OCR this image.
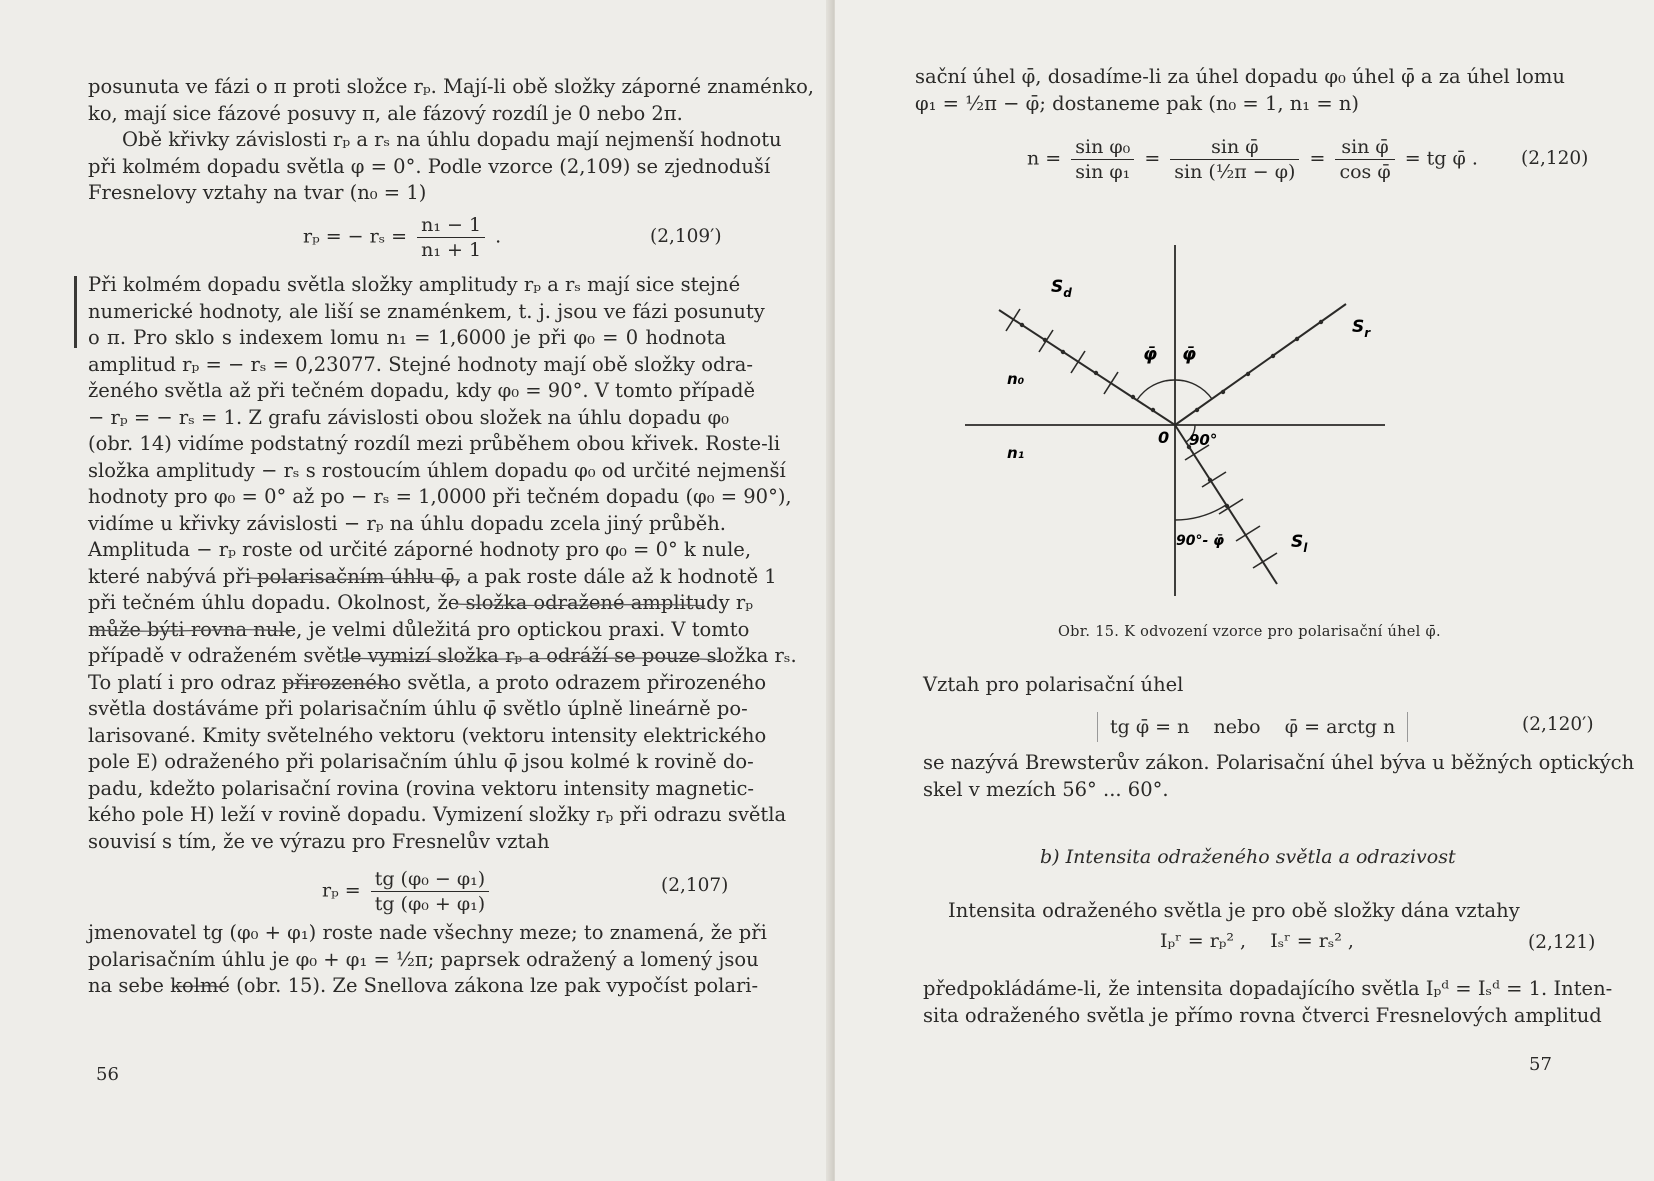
posunuta ve fázi o π proti složce rₚ. Mají-li obě složky záporné znaménko,
ko, mají sice fázové posuvy π, ale fázový rozdíl je 0 nebo 2π.
Obě křivky závislosti rₚ a rₛ na úhlu dopadu mají nejmenší hodnotu
při kolmém dopadu světla φ = 0°. Podle vzorce (2,109) se zjednoduší
Fresnelovy vztahy na tvar (n₀ = 1)
rₚ = − $r_s = \frac{\text{n₁ − 1}}{\text{n₁ + 1}}$ .	(2,109′)
Při kolmém dopadu světla složky amplitudy rₚ a rₛ mají sice stejné
numerické hodnoty, ale liší se znaménkem, t. j. jsou ve fázi posunuty
o π. Pro sklo s indexem lomu n₁ = 1,6000 je při φ₀ = 0 hodnota
amplitud rₚ = − rₛ = 0,23077. Stejné hodnoty mají obě složky odra-
ženého světla až při tečném dopadu, kdy φ₀ = 90°. V tomto případě
− rₚ = − rₛ = 1. Z grafu závislosti obou složek na úhlu dopadu φ₀
(obr. 14) vidíme podstatný rozdíl mezi průběhem obou křivek. Roste-li
složka amplitudy − rₛ s rostoucím úhlem dopadu φ₀ od určité nejmenší
hodnoty pro φ₀ = 0° až po − rₛ = 1,0000 při tečném dopadu (φ₀ = 90°),
vidíme u křivky závislosti − rₚ na úhlu dopadu zcela jiný průběh.
Amplituda − rₚ roste od určité záporné hodnoty pro φ₀ = 0° k nule,
které nabývá při polarisačním úhlu φ̄, a pak roste dále až k hodnotě 1
při tečném úhlu dopadu. Okolnost, že složka odražené amplitudy rₚ
může býti rovna nule, je velmi důležitá pro optickou praxi. V tomto
případě v odraženém světle vymizí složka rₚ a odráží se pouze složka rₛ.
To platí i pro odraz přirozeného světla, a proto odrazem přirozeného
světla dostáváme při polarisačním úhlu φ̄ světlo úplně lineárně po-
larisované. Kmity světelného vektoru (vektoru intensity elektrického
pole E) odraženého při polarisačním úhlu φ̄ jsou kolmé k rovině do-
padu, kdežto polarisační rovina (rovina vektoru intensity magnetic-
kého pole H) leží v rovině dopadu. Vymizení složky rₚ při odrazu světla
souvisí s tím, že ve výrazu pro Fresnelův vztah
$r_p = \frac{\text{tg (φ₀ − φ₁)}}{\text{tg (φ₀ + φ₁)}}$	(2,107)
jmenovatel tg (φ₀ + φ₁) roste nade všechny meze; to znamená, že při
polarisačním úhlu je φ₀ + φ₁ = ½π; paprsek odražený a lomený jsou
na sebe kolmé (obr. 15). Ze Snellova zákona lze pak vypočíst polari-
56
sační úhel φ̄, dosadíme-li za úhel dopadu φ₀ úhel φ̄ a za úhel lomu
φ₁ = ½π − φ̄; dostaneme pak (n₀ = 1, n₁ = n)
$n = \frac{\text{sin φ₀}}{\text{sin φ₁}} = \frac{\text{sin φ̄}}{\text{sin (½π − φ)}} = \frac{\text{sin φ̄}}{\text{cos φ̄}}$ = tg φ̄ . (2,120)
$S_d$
$S_r$
$S_l$
n₀
n₁
0
φ̄ φ̄
90°
90°- φ̄
Obr. 15. K odvození vzorce pro polarisační úhel φ̄.
Vztah pro polarisační úhel
tg φ̄ = n    nebo    φ̄ = arctg n	(2,120′)
se nazývá Brewsterův zákon. Polarisační úhel býva u běžných optických
skel v mezích 56° ... 60°.
b) Intensita odraženého světla a odrazivost
Intensita odraženého světla je pro obě složky dána vztahy
Iₚʳ = rₚ² ,    Iₛʳ = rₛ² ,	(2,121)
předpokládáme-li, že intensita dopadajícího světla Iₚᵈ = Iₛᵈ = 1. Inten-
sita odraženého světla je přímo rovna čtverci Fresnelových amplitud
57
